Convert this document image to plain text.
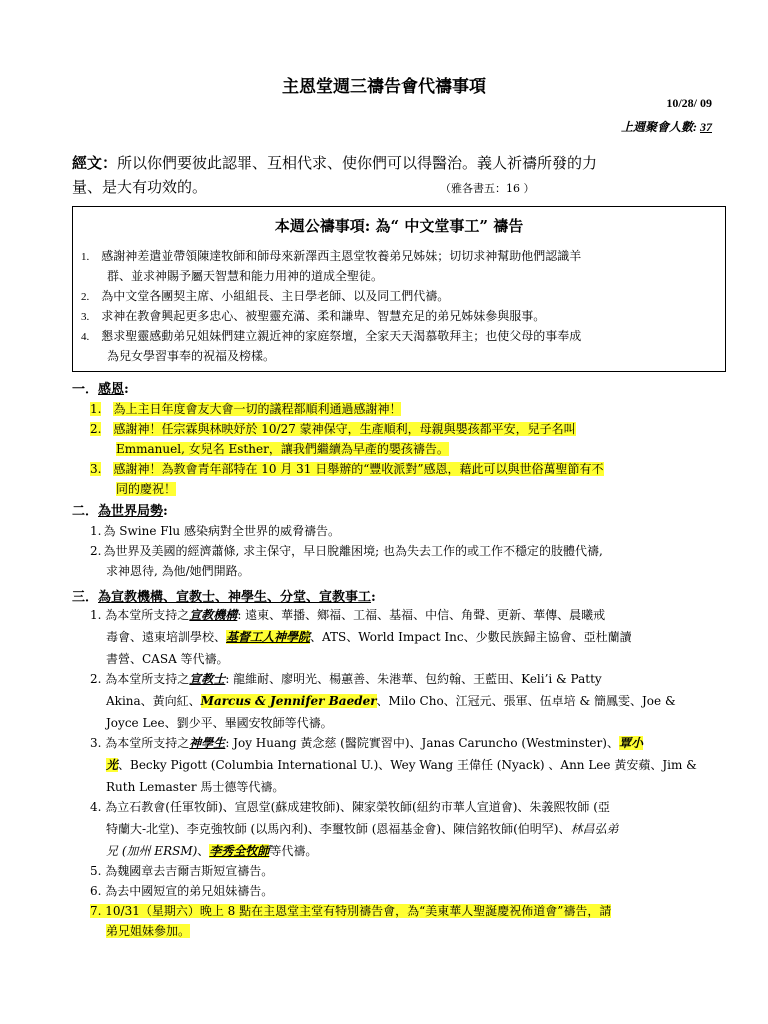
主恩堂週三禱告會代禱事項
10/28/ 09
上週聚會人數: 37
經文：所以你們要彼此認罪、互相代求、使你們可以得醫治。義人祈禱所發的力
量、是大有功效的。	（雅各書五：16 ）
本週公禱事項: 為“ 中文堂事工” 禱告
1. 感謝神差遣並帶領陳達牧師和師母來新澤西主恩堂牧養弟兄姊妹；切切求神幫助他們認識羊
群、並求神賜予屬天智慧和能力用神的道成全聖徒。
2. 為中文堂各團契主席、小組組長、主日學老師、以及同工們代禱。
3. 求神在教會興起更多忠心、被聖靈充滿、柔和謙卑、智慧充足的弟兄姊妹參與服事。
4. 懇求聖靈感動弟兄姐妹們建立親近神的家庭祭壇，全家天天渴慕敬拜主；也使父母的事奉成
為兒女學習事奉的祝福及榜樣。
一．感恩:
1. 為上主日年度會友大會一切的議程都順利通過感謝神！
2. 感謝神！任宗霖與林映妤於 10/27 蒙神保守，生產順利，母親與嬰孩都平安，兒子名叫
Emmanuel, 女兒名 Esther，讓我們繼續為早產的嬰孩禱告。
3. 感謝神！為教會青年部特在 10 月 31 日舉辦的“豐收派對”感恩，藉此可以與世俗萬聖節有不
同的慶祝！
二．為世界局勢:
1. 為 Swine Flu 感染病對全世界的威脅禱告。
2. 為世界及美國的經濟蕭條, 求主保守，早日脫離困境; 也為失去工作的或工作不穩定的肢體代禱,
求神恩待, 為他/她們開路。
三．為宣教機構、宣教士、神學生、分堂、宣教事工:
1. 為本堂所支持之宣教機構: 遠東、華播、鄉福、工福、基福、中信、角聲、更新、華傳、晨曦戒
毒會、遠東培訓學校、基督工人神學院、ATS、World Impact Inc、少數民族歸主協會、亞杜蘭讀
書營、CASA 等代禱。
2. 為本堂所支持之宣教士: 龍維耐、廖明光、楊蕙善、朱港華、包約翰、王藍田、Keli’i & Patty
Akina、黃向紅、Marcus & Jennifer Baeder、Milo Cho、江冠元、張軍、伍卓培 & 簡鳳雯、Joe &
Joyce Lee、劉少平、畢國安牧師等代禱。
3. 為本堂所支持之神學生: Joy Huang 黃念慈 (醫院實習中)、Janas Caruncho (Westminster)、覃小
光、Becky Pigott (Columbia International U.)、Wey Wang 王偉任 (Nyack) 、Ann Lee 黃安蘋、Jim &
Ruth Lemaster 馬士德等代禱。
4. 為立石教會(任軍牧師)、宣恩堂(蘇成建牧師)、陳家榮牧師(紐約市華人宣道會)、朱義熙牧師 (亞
特蘭大-北堂)、李克強牧師 (以馬內利)、李璽牧師 (恩福基金會)、陳信銘牧師(伯明罕)、林昌弘弟
兄 (加州 ERSM)、李秀全牧師等代禱。
5. 為魏國章去吉爾吉斯短宣禱告。
6. 為去中國短宣的弟兄姐妹禱告。
7. 10/31（星期六）晚上 8 點在主恩堂主堂有特別禱告會，為“美東華人聖誕慶祝佈道會”禱告，請
弟兄姐妹參加。
